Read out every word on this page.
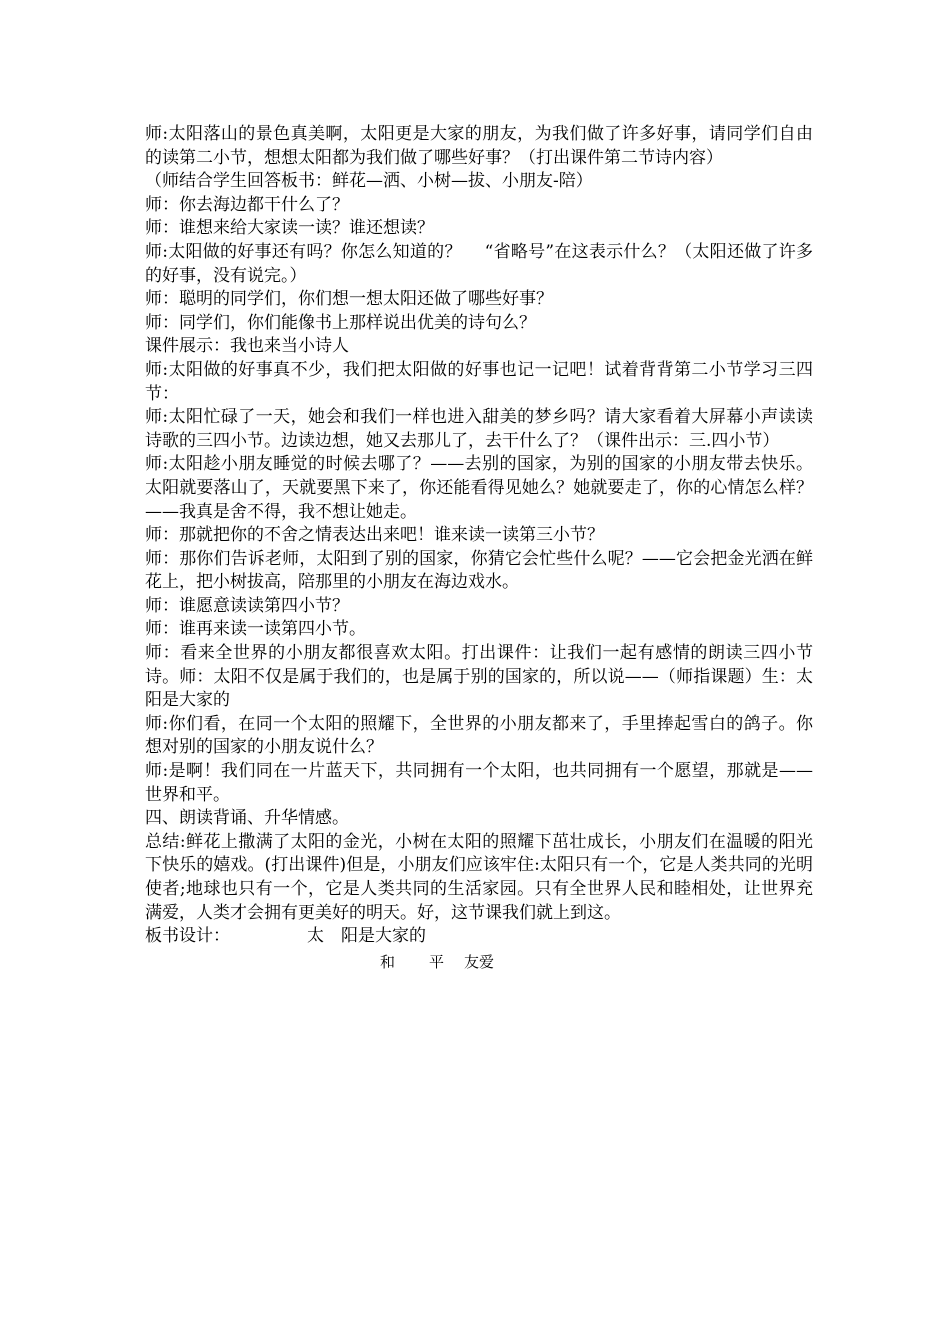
师:太阳落山的景色真美啊，太阳更是大家的朋友，为我们做了许多好事，请同学们自由的读第二小节，想想太阳都为我们做了哪些好事？（打出课件第二节诗内容）

（师结合学生回答板书：鲜花—洒、小树—拔、小朋友-陪）

师：你去海边都干什么了？

师：谁想来给大家读一读？谁还想读？

师:太阳做的好事还有吗？你怎么知道的？　 “省略号”在这表示什么？（太阳还做了许多的好事，没有说完。）

师：聪明的同学们，你们想一想太阳还做了哪些好事？

师：同学们，你们能像书上那样说出优美的诗句么？

课件展示：我也来当小诗人

师:太阳做的好事真不少，我们把太阳做的好事也记一记吧！试着背背第二小节学习三四节：

师:太阳忙碌了一天，她会和我们一样也进入甜美的梦乡吗？请大家看着大屏幕小声读读诗歌的三四小节。边读边想，她又去那儿了，去干什么了？（课件出示：三.四小节）

师:太阳趁小朋友睡觉的时候去哪了？——去别的国家，为别的国家的小朋友带去快乐。太阳就要落山了，天就要黑下来了，你还能看得见她么？她就要走了，你的心情怎么样？——我真是舍不得，我不想让她走。

师：那就把你的不舍之情表达出来吧！谁来读一读第三小节？

师：那你们告诉老师，太阳到了别的国家，你猜它会忙些什么呢？——它会把金光洒在鲜花上，把小树拔高，陪那里的小朋友在海边戏水。

师：谁愿意读读第四小节？

师：谁再来读一读第四小节。

师：看来全世界的小朋友都很喜欢太阳。打出课件：让我们一起有感情的朗读三四小节诗。师：太阳不仅是属于我们的，也是属于别的国家的，所以说——（师指课题）生：太阳是大家的

师:你们看，在同一个太阳的照耀下，全世界的小朋友都来了，手里捧起雪白的鸽子。你想对别的国家的小朋友说什么？

师:是啊！我们同在一片蓝天下，共同拥有一个太阳，也共同拥有一个愿望，那就是——世界和平。

四、朗读背诵、升华情感。

总结:鲜花上撒满了太阳的金光，小树在太阳的照耀下茁壮成长，小朋友们在温暖的阳光下快乐的嬉戏。(打出课件)但是，小朋友们应该牢住:太阳只有一个，它是人类共同的光明使者;地球也只有一个，它是人类共同的生活家园。只有全世界人民和睦相处，让世界充满爱，人类才会拥有更美好的明天。好，这节课我们就上到这。

板书设计：	太　阳是大家的
和 平 友爱
